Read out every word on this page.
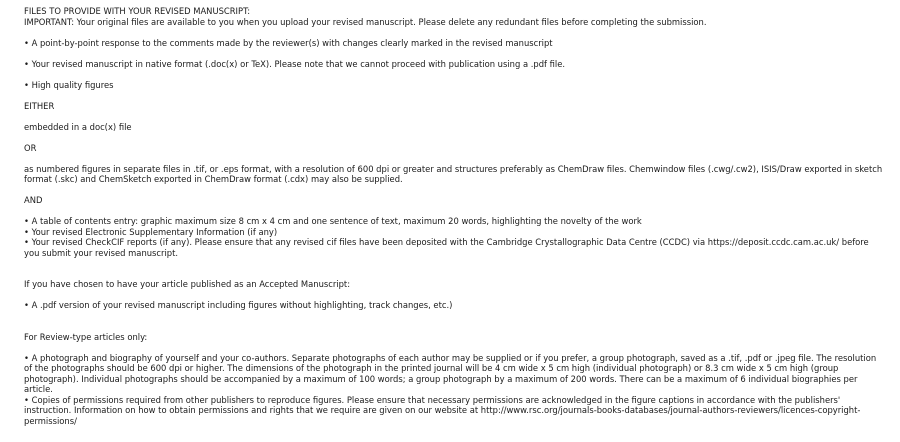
FILES TO PROVIDE WITH YOUR REVISED MANUSCRIPT:
IMPORTANT: Your original files are available to you when you upload your revised manuscript. Please delete any redundant files before completing the submission.
• A point-by-point response to the comments made by the reviewer(s) with changes clearly marked in the revised manuscript
• Your revised manuscript in native format (.doc(x) or TeX). Please note that we cannot proceed with publication using a .pdf file.
• High quality figures
EITHER
embedded in a doc(x) file
OR
as numbered figures in separate files in .tif, or .eps format, with a resolution of 600 dpi or greater and structures preferably as ChemDraw files. Chemwindow files (.cwg/.cw2), ISIS/Draw exported in sketch format (.skc) and ChemSketch exported in ChemDraw format (.cdx) may also be supplied.
AND
• A table of contents entry: graphic maximum size 8 cm x 4 cm and one sentence of text, maximum 20 words, highlighting the novelty of the work
• Your revised Electronic Supplementary Information (if any)
• Your revised CheckCIF reports (if any). Please ensure that any revised cif files have been deposited with the Cambridge Crystallographic Data Centre (CCDC) via https://deposit.ccdc.cam.ac.uk/ before you submit your revised manuscript.
If you have chosen to have your article published as an Accepted Manuscript:
• A .pdf version of your revised manuscript including figures without highlighting, track changes, etc.)
For Review-type articles only:
• A photograph and biography of yourself and your co-authors. Separate photographs of each author may be supplied or if you prefer, a group photograph, saved as a .tif, .pdf or .jpeg file. The resolution of the photographs should be 600 dpi or higher. The dimensions of the photograph in the printed journal will be 4 cm wide x 5 cm high (individual photograph) or 8.3 cm wide x 5 cm high (group photograph). Individual photographs should be accompanied by a maximum of 100 words; a group photograph by a maximum of 200 words. There can be a maximum of 6 individual biographies per article.
• Copies of permissions required from other publishers to reproduce figures. Please ensure that necessary permissions are acknowledged in the figure captions in accordance with the publishers' instruction. Information on how to obtain permissions and rights that we require are given on our website at http://www.rsc.org/journals-books-databases/journal-authors-reviewers/licences-copyright-permissions/
